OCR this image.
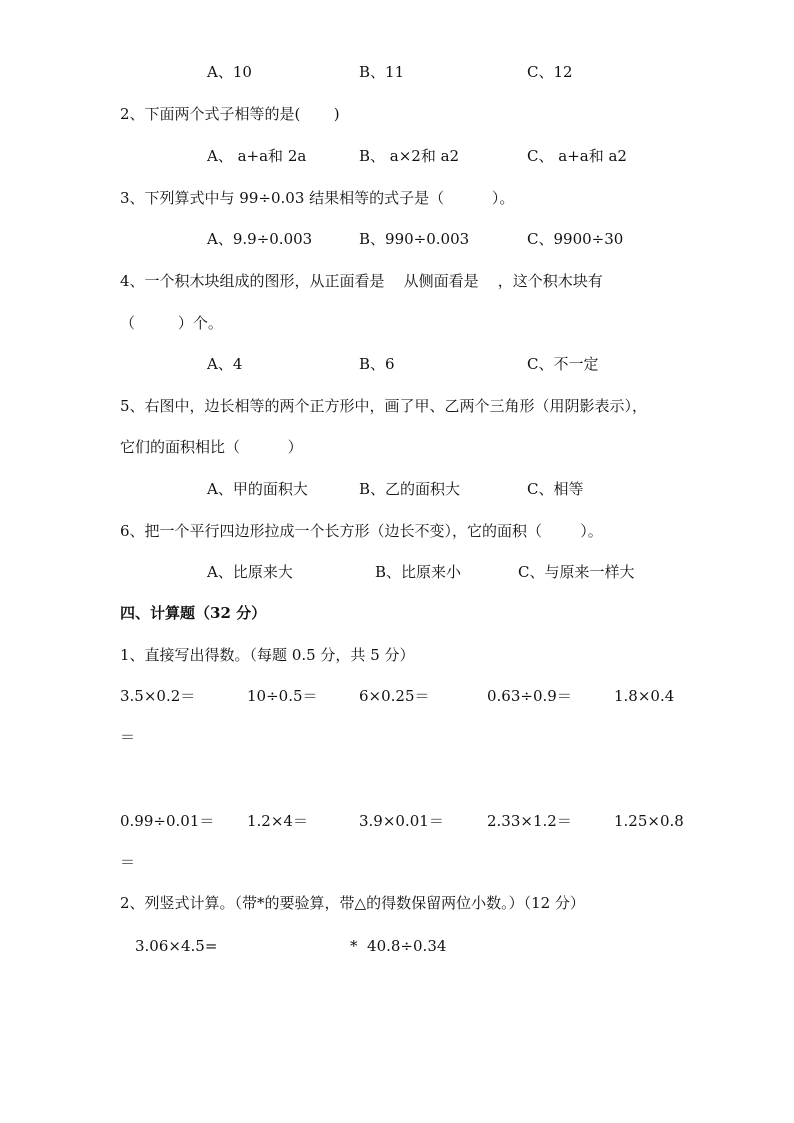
A、10	B、11	C、12
2、下面两个式子相等的是(       )
A、 a+a和 2a	B、 a×2和 a2	C、 a+a和 a2
3、下列算式中与 99÷0.03 结果相等的式子是（          ）。
A、9.9÷0.003	B、990÷0.003	C、9900÷30
4、一个积木块组成的图形，从正面看是    从侧面看是    ，这个积木块有
（         ）个。
A、4	B、6	C、不一定
5、右图中，边长相等的两个正方形中，画了甲、乙两个三角形（用阴影表示），
它们的面积相比（          ）
A、甲的面积大	B、乙的面积大	C、相等
6、把一个平行四边形拉成一个长方形（边长不变），它的面积（        ）。
A、比原来大	B、比原来小	C、与原来一样大
四、计算题（32 分）
1、直接写出得数。（每题 0.5 分，共 5 分）
3.5×0.2＝	10÷0.5＝	6×0.25＝	0.63÷0.9＝	1.8×0.4
＝
0.99÷0.01＝ 1.2×4＝	3.9×0.01＝	2.33×1.2＝	1.25×0.8
＝
2、列竖式计算。（带*的要验算，带△的得数保留两位小数。）（12 分）
3.06×4.5=	*  40.8÷0.34
